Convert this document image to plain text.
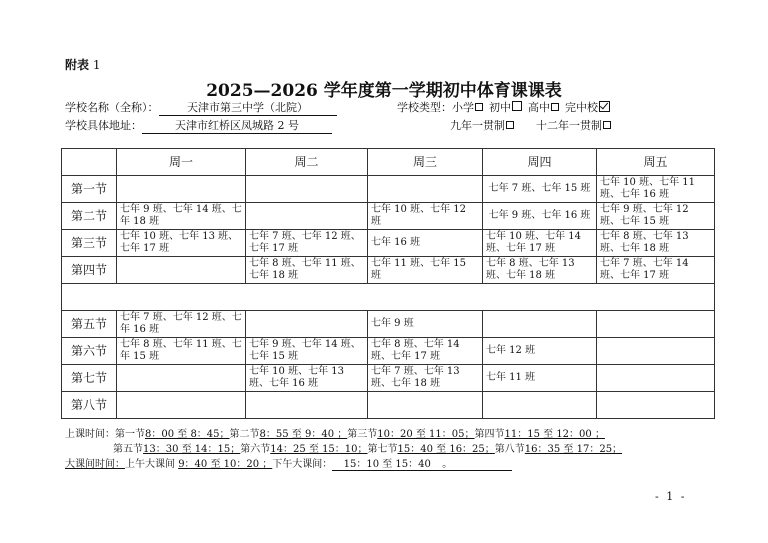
附表 1
2025—2026 学年度第一学期初中体育课课表
学校名称（全称）：	天津市第三中学（北院）	学校类型：小学 初中 高中 完中校
学校具体地址：	天津市红桥区凤城路 2 号	九年一贯制	十二年一贯制
	周一	周二	周三	周四	周五
第一节				七年 7 班、七年 15 班	七年 10 班、七年 11 班、七年 16 班
第二节	七年 9 班、七年 14 班、七年 18 班		七年 10 班、七年 12 班	七年 9 班、七年 16 班	七年 9 班、七年 12 班、七年 15 班
第三节	七年 10 班、七年 13 班、七年 17 班	七年 7 班、七年 12 班、七年 17 班	七年 16 班	七年 10 班、七年 14 班、七年 17 班	七年 8 班、七年 13 班、七年 18 班
第四节		七年 8 班、七年 11 班、七年 18 班	七年 11 班、七年 15 班	七年 8 班、七年 13 班、七年 18 班	七年 7 班、七年 14 班、七年 17 班

第五节	七年 7 班、七年 12 班、七年 16 班		七年 9 班		
第六节	七年 8 班、七年 11 班、七年 15 班	七年 9 班、七年 14 班、七年 15 班	七年 8 班、七年 14 班、七年 17 班	七年 12 班	
第七节		七年 10 班、七年 13 班、七年 16 班	七年 7 班、七年 13 班、七年 18 班	七年 11 班	
第八节					
上课时间：第一节8：00 至 8：45；第二节8：55 至 9：40 ；第三节10：20 至 11：05；第四节11：15 至 12：00 ；
第五节13：30 至 14：15；第六节14：25 至 15：10；第七节15：40 至 16：25；第八节16：35 至 17：25；
大课间时间：上午大课间 9：40 至 10：20 ；下午大课间： 15：10 至 15：40 。
- 1 -
